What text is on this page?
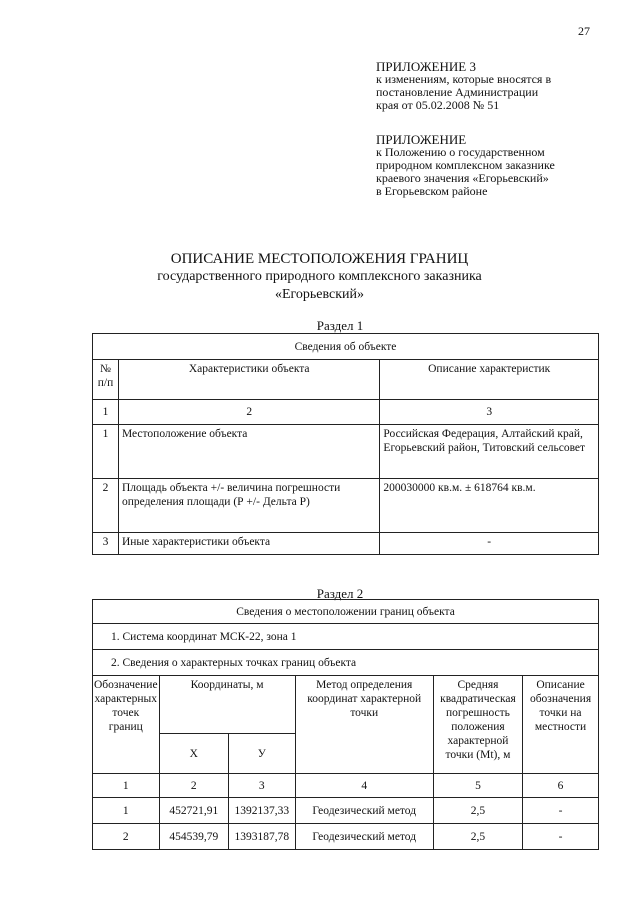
27
ПРИЛОЖЕНИЕ 3
к изменениям, которые вносятся в
постановление Администрации
края от 05.02.2008 № 51
ПРИЛОЖЕНИЕ
к Положению о государственном
природном комплексном заказнике
краевого значения «Егорьевский»
в Егорьевском районе
ОПИСАНИЕ МЕСТОПОЛОЖЕНИЯ ГРАНИЦ
государственного природного комплексного заказника
«Егорьевский»
Раздел 1
Сведения об объекте		
№ п/п	Характеристики объекта	Описание характеристик
1	2	3
1	Местоположение объекта	Российская Федерация, Алтайский край, Егорьевский район, Титовский сельсовет
2	Площадь объекта +/- величина погрешности определения площади (Р +/- Дельта Р)	200030000 кв.м. ± 618764 кв.м.
3	Иные характеристики объекта	-
Раздел 2
Сведения о местоположении границ объекта					
1. Система координат МСК-22, зона 1					
2. Сведения о характерных точках границ объекта					
Обозначение характерных точек границ	Координаты, м		Метод определения координат характерной точки	Средняя квадратическая погрешность положения характерной точки (Mt), м	Описание обозначения точки на местности
	Х	У			
1	2	3	4	5	6
1	452721,91	1392137,33	Геодезический метод	2,5	-
2	454539,79	1393187,78	Геодезический метод	2,5	-
